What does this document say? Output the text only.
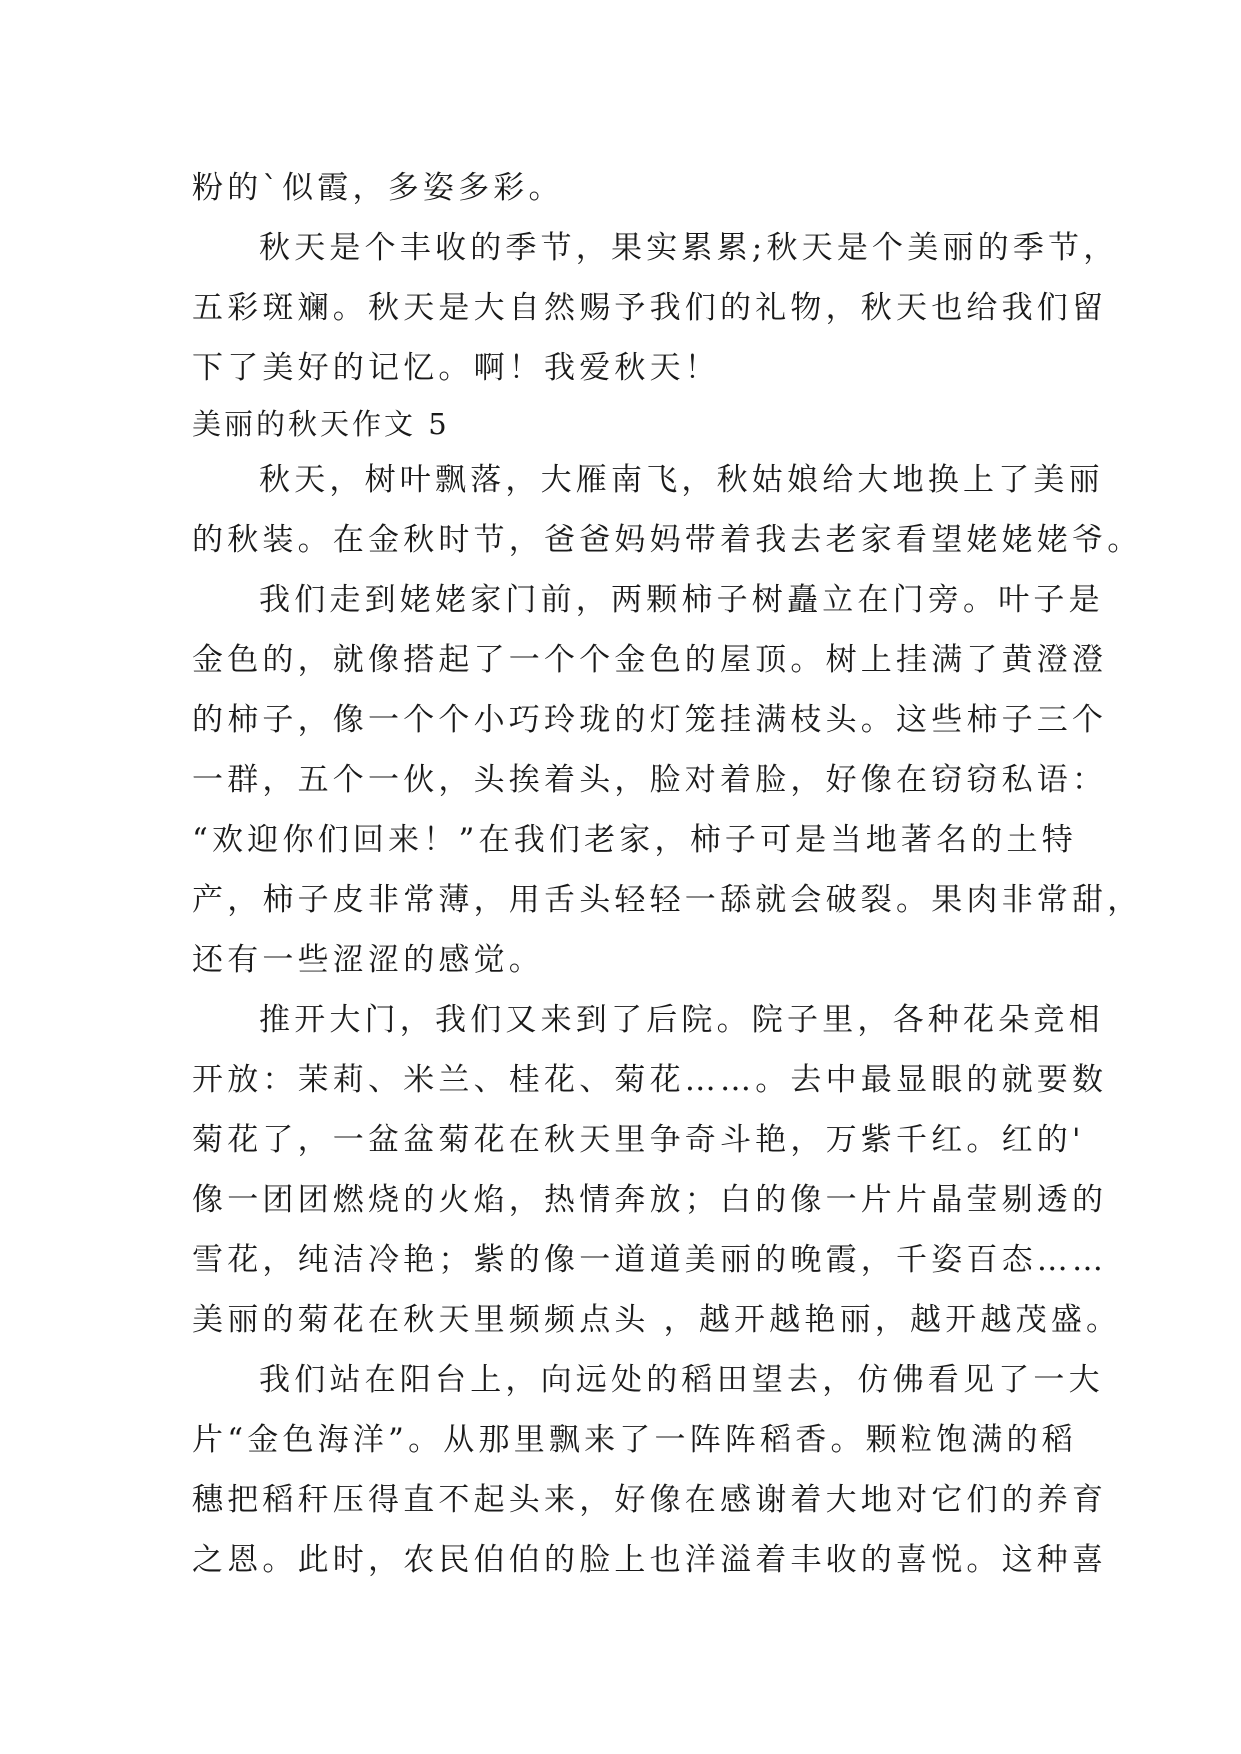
粉的`似霞，多姿多彩。
秋天是个丰收的季节，果实累累;秋天是个美丽的季节，
五彩斑斓。秋天是大自然赐予我们的礼物，秋天也给我们留
下了美好的记忆。啊！我爱秋天！
美丽的秋天作文 5
秋天，树叶飘落，大雁南飞，秋姑娘给大地换上了美丽
的秋装。在金秋时节，爸爸妈妈带着我去老家看望姥姥姥爷。
我们走到姥姥家门前，两颗柿子树矗立在门旁。叶子是
金色的，就像搭起了一个个金色的屋顶。树上挂满了黄澄澄
的柿子，像一个个小巧玲珑的灯笼挂满枝头。这些柿子三个
一群，五个一伙，头挨着头，脸对着脸，好像在窃窃私语：
“欢迎你们回来！”在我们老家，柿子可是当地著名的土特
产，柿子皮非常薄，用舌头轻轻一舔就会破裂。果肉非常甜，
还有一些涩涩的感觉。
推开大门，我们又来到了后院。院子里，各种花朵竞相
开放：茉莉、米兰、桂花、菊花……。去中最显眼的就要数
菊花了，一盆盆菊花在秋天里争奇斗艳，万紫千红。红的'
像一团团燃烧的火焰，热情奔放；白的像一片片晶莹剔透的
雪花，纯洁冷艳；紫的像一道道美丽的晚霞，千姿百态……
美丽的菊花在秋天里频频点头 ，越开越艳丽，越开越茂盛。
我们站在阳台上，向远处的稻田望去，仿佛看见了一大
片“金色海洋”。从那里飘来了一阵阵稻香。颗粒饱满的稻
穗把稻秆压得直不起头来，好像在感谢着大地对它们的养育
之恩。此时，农民伯伯的脸上也洋溢着丰收的喜悦。这种喜
